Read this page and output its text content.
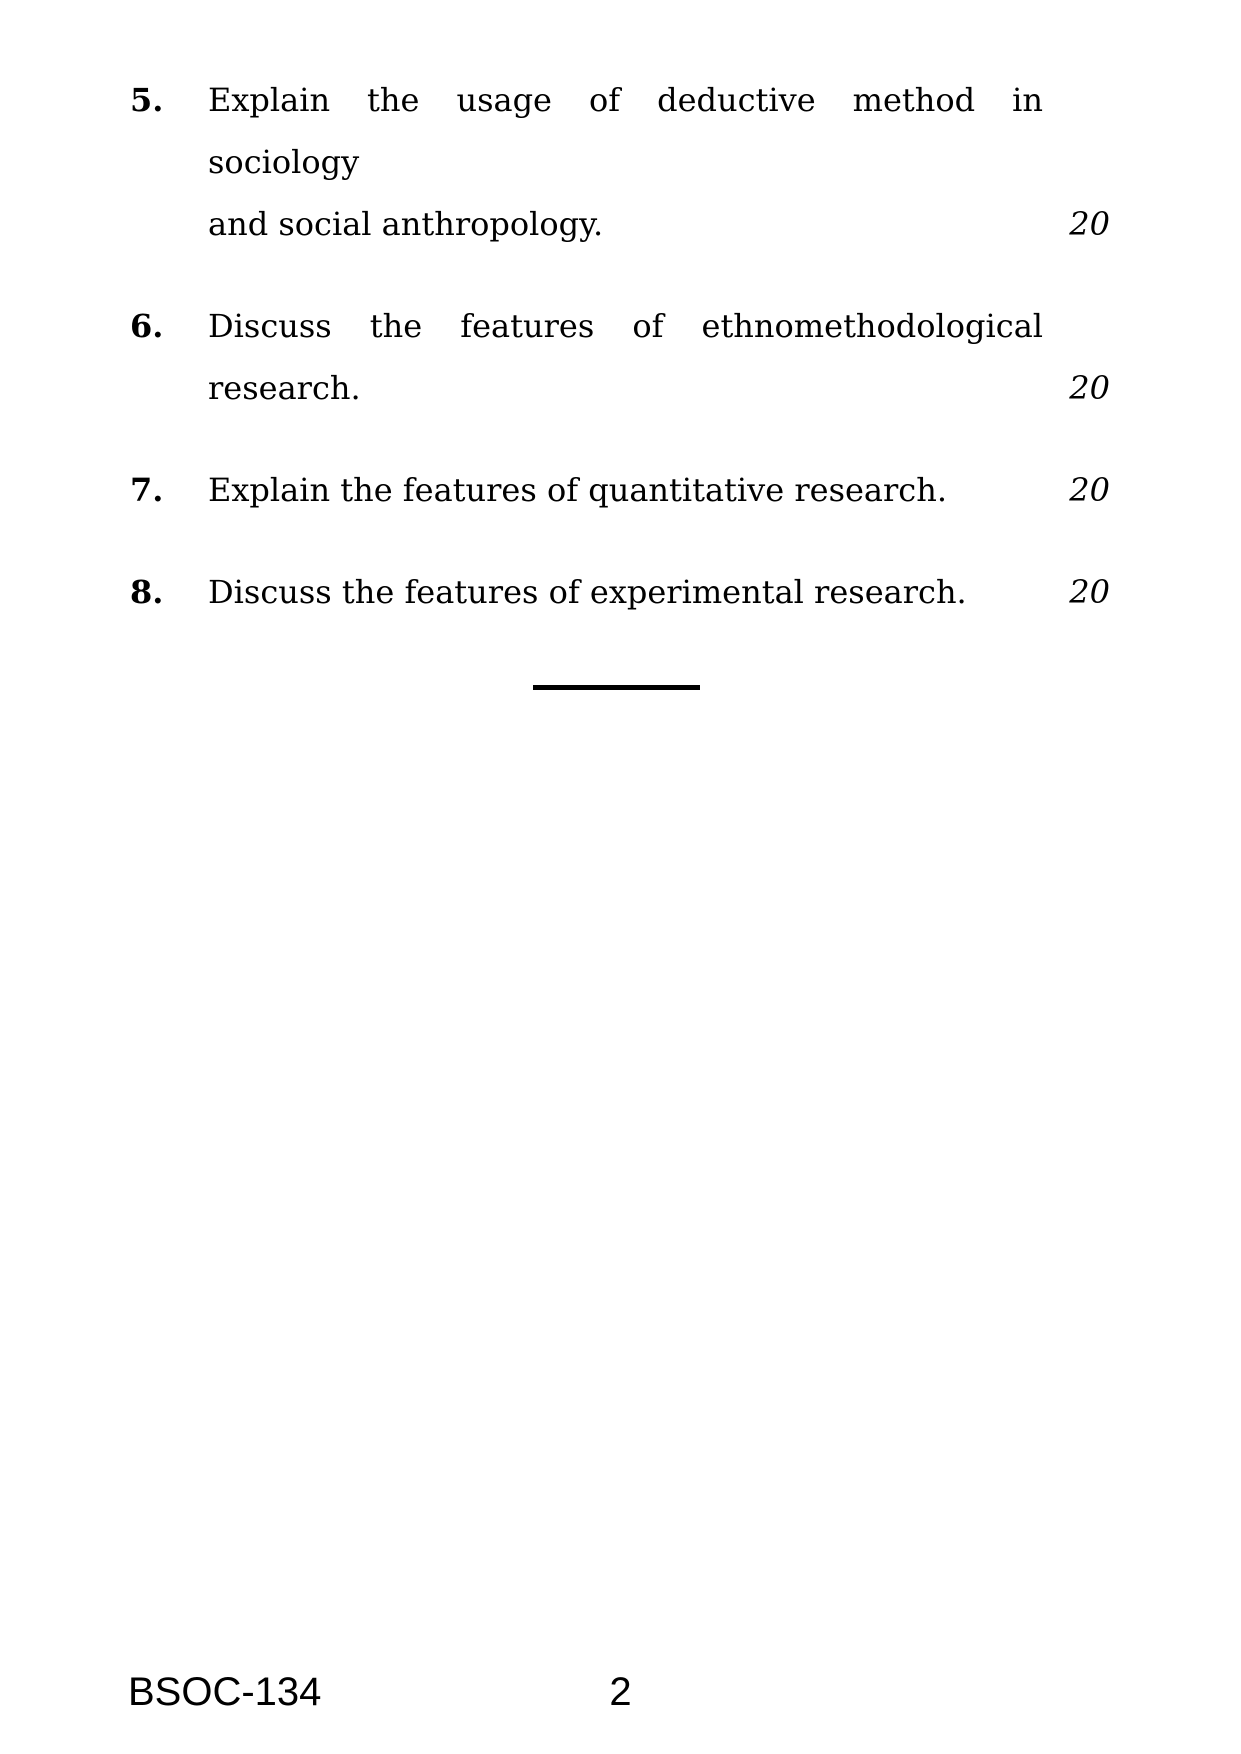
5.	Explain the usage of deductive method in sociology
and social anthropology.	20
6.	Discuss the features of ethnomethodological
research.	20
7.	Explain the features of quantitative research.	20
8.	Discuss the features of experimental research.	20
BSOC-134	2
